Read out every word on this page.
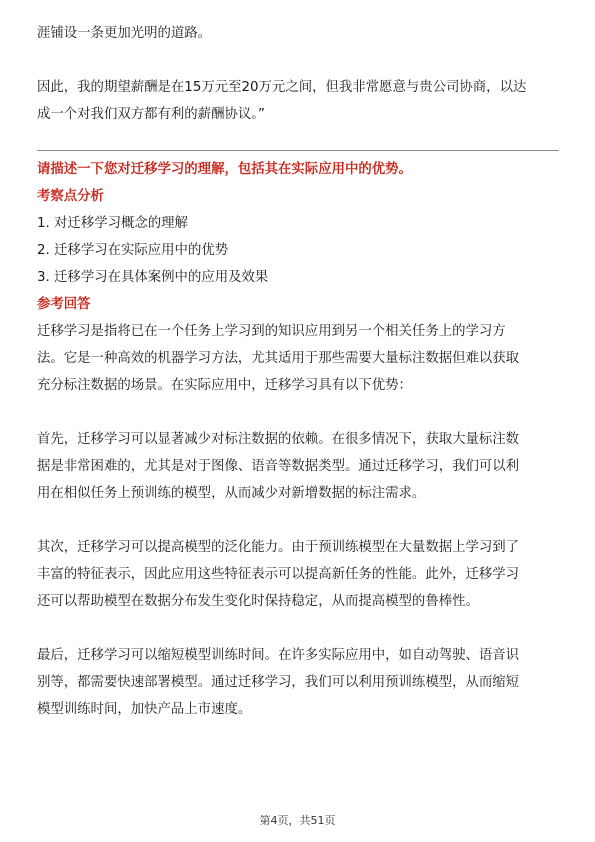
涯铺设一条更加光明的道路。

因此，我的期望薪酬是在15万元至20万元之间，但我非常愿意与贵公司协商，以达

成一个对我们双方都有利的薪酬协议。”

请描述一下您对迁移学习的理解，包括其在实际应用中的优势。

考察点分析

1. 对迁移学习概念的理解

2. 迁移学习在实际应用中的优势

3. 迁移学习在具体案例中的应用及效果

参考回答

迁移学习是指将已在一个任务上学习到的知识应用到另一个相关任务上的学习方

法。它是一种高效的机器学习方法，尤其适用于那些需要大量标注数据但难以获取

充分标注数据的场景。在实际应用中，迁移学习具有以下优势：

首先，迁移学习可以显著减少对标注数据的依赖。在很多情况下，获取大量标注数

据是非常困难的，尤其是对于图像、语音等数据类型。通过迁移学习，我们可以利

用在相似任务上预训练的模型，从而减少对新增数据的标注需求。

其次，迁移学习可以提高模型的泛化能力。由于预训练模型在大量数据上学习到了

丰富的特征表示，因此应用这些特征表示可以提高新任务的性能。此外，迁移学习

还可以帮助模型在数据分布发生变化时保持稳定，从而提高模型的鲁棒性。

最后，迁移学习可以缩短模型训练时间。在许多实际应用中，如自动驾驶、语音识

别等，都需要快速部署模型。通过迁移学习，我们可以利用预训练模型，从而缩短

模型训练时间，加快产品上市速度。

第4页，共51页
